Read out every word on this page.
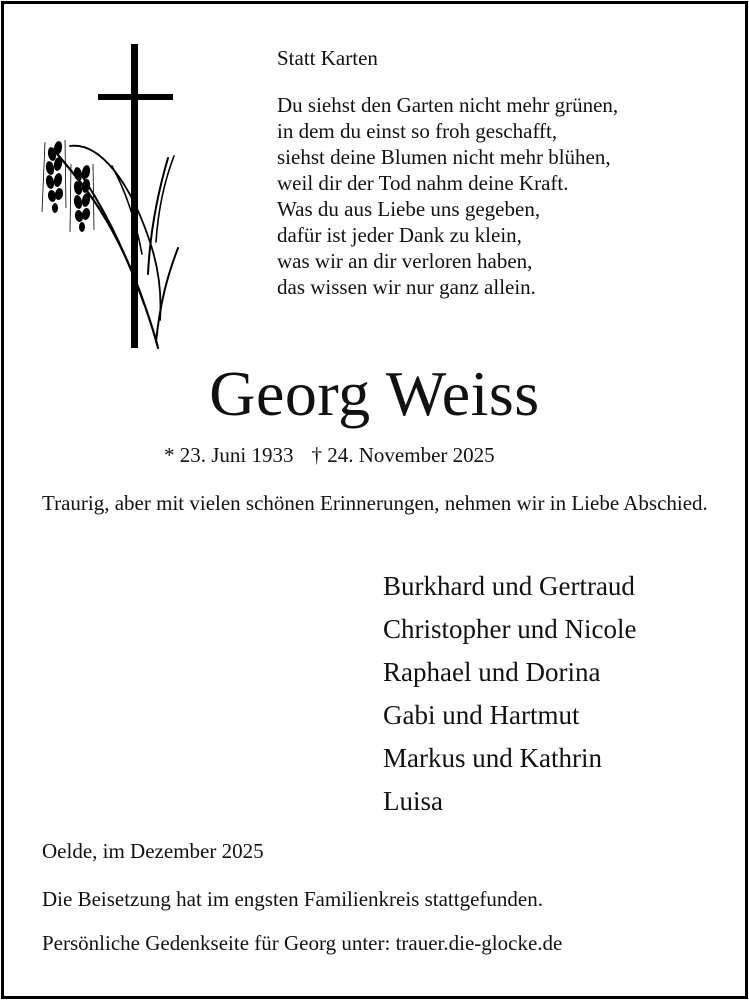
Statt Karten
Du siehst den Garten nicht mehr grünen,
in dem du einst so froh geschafft,
siehst deine Blumen nicht mehr blühen,
weil dir der Tod nahm deine Kraft.
Was du aus Liebe uns gegeben,
dafür ist jeder Dank zu klein,
was wir an dir verloren haben,
das wissen wir nur ganz allein.
Georg Weiss
* 23. Juni 1933 † 24. November 2025
Traurig, aber mit vielen schönen Erinnerungen, nehmen wir in Liebe Abschied.
Burkhard und Gertraud
Christopher und Nicole
Raphael und Dorina
Gabi und Hartmut
Markus und Kathrin
Luisa
Oelde, im Dezember 2025
Die Beisetzung hat im engsten Familienkreis stattgefunden.
Persönliche Gedenkseite für Georg unter: trauer.die-glocke.de
